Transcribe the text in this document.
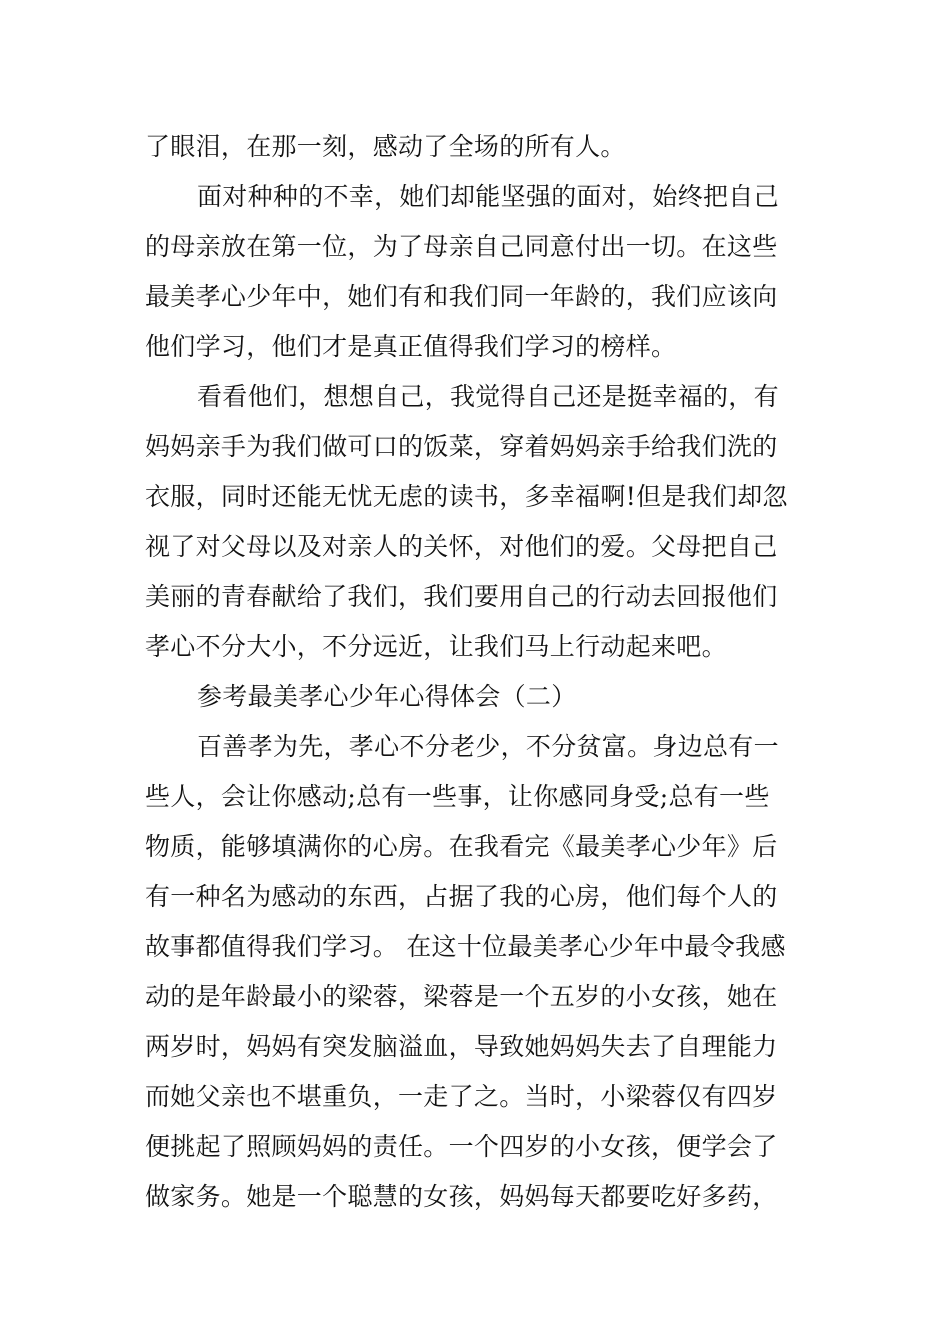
了眼泪，在那一刻，感动了全场的所有人。
面对种种的不幸，她们却能坚强的面对，始终把自己
的母亲放在第一位，为了母亲自己同意付出一切。在这些
最美孝心少年中，她们有和我们同一年龄的，我们应该向
他们学习，他们才是真正值得我们学习的榜样。
看看他们，想想自己，我觉得自己还是挺幸福的，有
妈妈亲手为我们做可口的饭菜，穿着妈妈亲手给我们洗的
衣服，同时还能无忧无虑的读书，多幸福啊!但是我们却忽
视了对父母以及对亲人的关怀，对他们的爱。父母把自己
美丽的青春献给了我们，我们要用自己的行动去回报他们
孝心不分大小，不分远近，让我们马上行动起来吧。
参考最美孝心少年心得体会（二）
百善孝为先，孝心不分老少，不分贫富。身边总有一
些人，会让你感动;总有一些事，让你感同身受;总有一些
物质，能够填满你的心房。在我看完《最美孝心少年》后
有一种名为感动的东西，占据了我的心房，他们每个人的
故事都值得我们学习。 在这十位最美孝心少年中最令我感
动的是年龄最小的梁蓉，梁蓉是一个五岁的小女孩，她在
两岁时，妈妈有突发脑溢血，导致她妈妈失去了自理能力
而她父亲也不堪重负，一走了之。当时，小梁蓉仅有四岁
便挑起了照顾妈妈的责任。一个四岁的小女孩，便学会了
做家务。她是一个聪慧的女孩，妈妈每天都要吃好多药，
